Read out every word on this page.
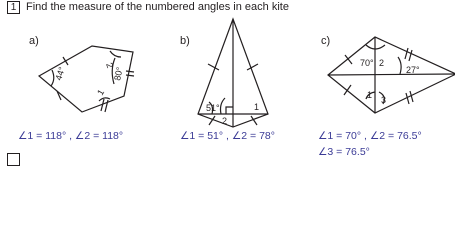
1 Find the measure of the numbered angles in each kite
a)	b)	c)
44°	80°
2
1
51°
2
1
70° 2
27°
1 3
∠1 = 118° , ∠2 = 118°	∠1 = 51° , ∠2 = 78°	∠1 = 70° , ∠2 = 76.5°
∠3 = 76.5°
